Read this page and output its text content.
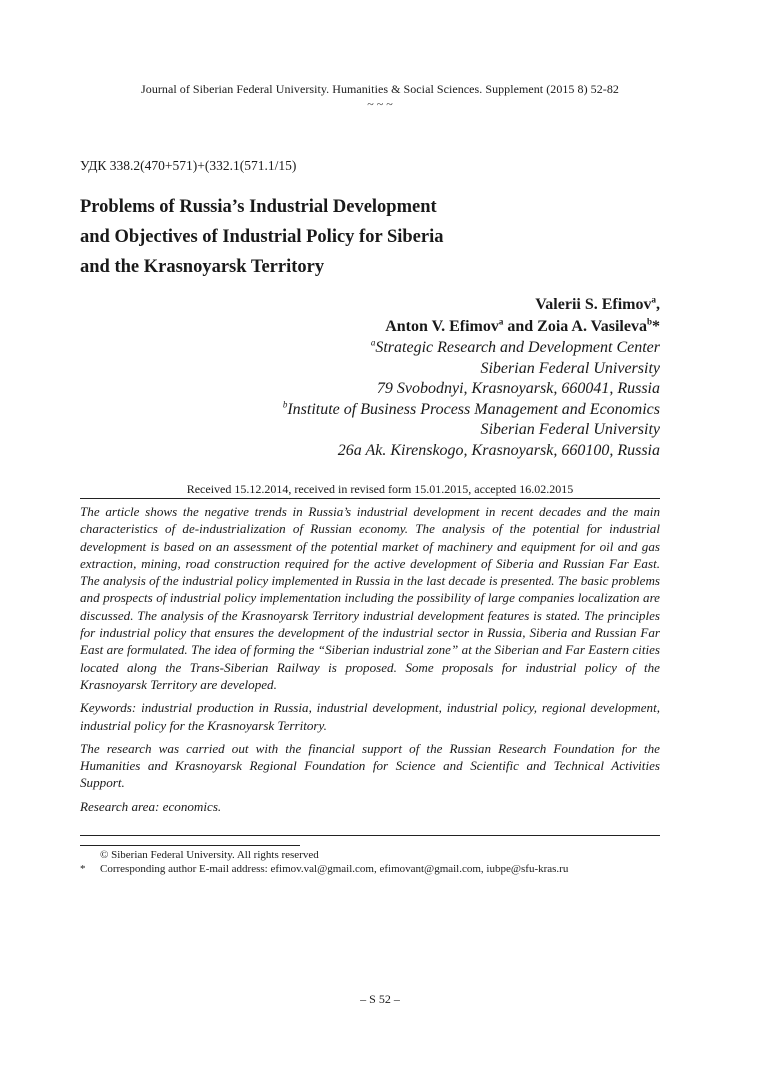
Journal of Siberian Federal University. Humanities & Social Sciences. Supplement (2015 8) 52-82
~ ~ ~
УДК 338.2(470+571)+(332.1(571.1/15)
Problems of Russia’s Industrial Development
and Objectives of Industrial Policy for Siberia
and the Krasnoyarsk Territory
Valerii S. Efimov$^a$,
Anton V. Efimov$^a$ and Zoia A. Vasileva$^b$*
$^a$Strategic Research and Development Center
Siberian Federal University
79 Svobodnyi, Krasnoyarsk, 660041, Russia
$^b$Institute of Business Process Management and Economics
Siberian Federal University
26a Ak. Kirenskogo, Krasnoyarsk, 660100, Russia
Received 15.12.2014, received in revised form 15.01.2015, accepted 16.02.2015

The article shows the negative trends in Russia’s industrial development in recent decades and the main characteristics of de-industrialization of Russian economy. The analysis of the potential for industrial development is based on an assessment of the potential market of machinery and equipment for oil and gas extraction, mining, road construction required for the active development of Siberia and Russian Far East. The analysis of the industrial policy implemented in Russia in the last decade is presented. The basic problems and prospects of industrial policy implementation including the possibility of large companies localization are discussed. The analysis of the Krasnoyarsk Territory industrial development features is stated. The principles for industrial policy that ensures the development of the industrial sector in Russia, Siberia and Russian Far East are formulated. The idea of forming the “Siberian industrial zone” at the Siberian and Far Eastern cities located along the Trans-Siberian Railway is proposed. Some proposals for industrial policy of the Krasnoyarsk Territory are developed.

Keywords: industrial production in Russia, industrial development, industrial policy, regional development, industrial policy for the Krasnoyarsk Territory.

The research was carried out with the financial support of the Russian Research Foundation for the Humanities and Krasnoyarsk Regional Foundation for Science and Scientific and Technical Activities Support.

Research area: economics.

© Siberian Federal University. All rights reserved
*	Corresponding author E-mail address: efimov.val@gmail.com, efimovant@gmail.com, iubpe@sfu-kras.ru
– S 52 –
